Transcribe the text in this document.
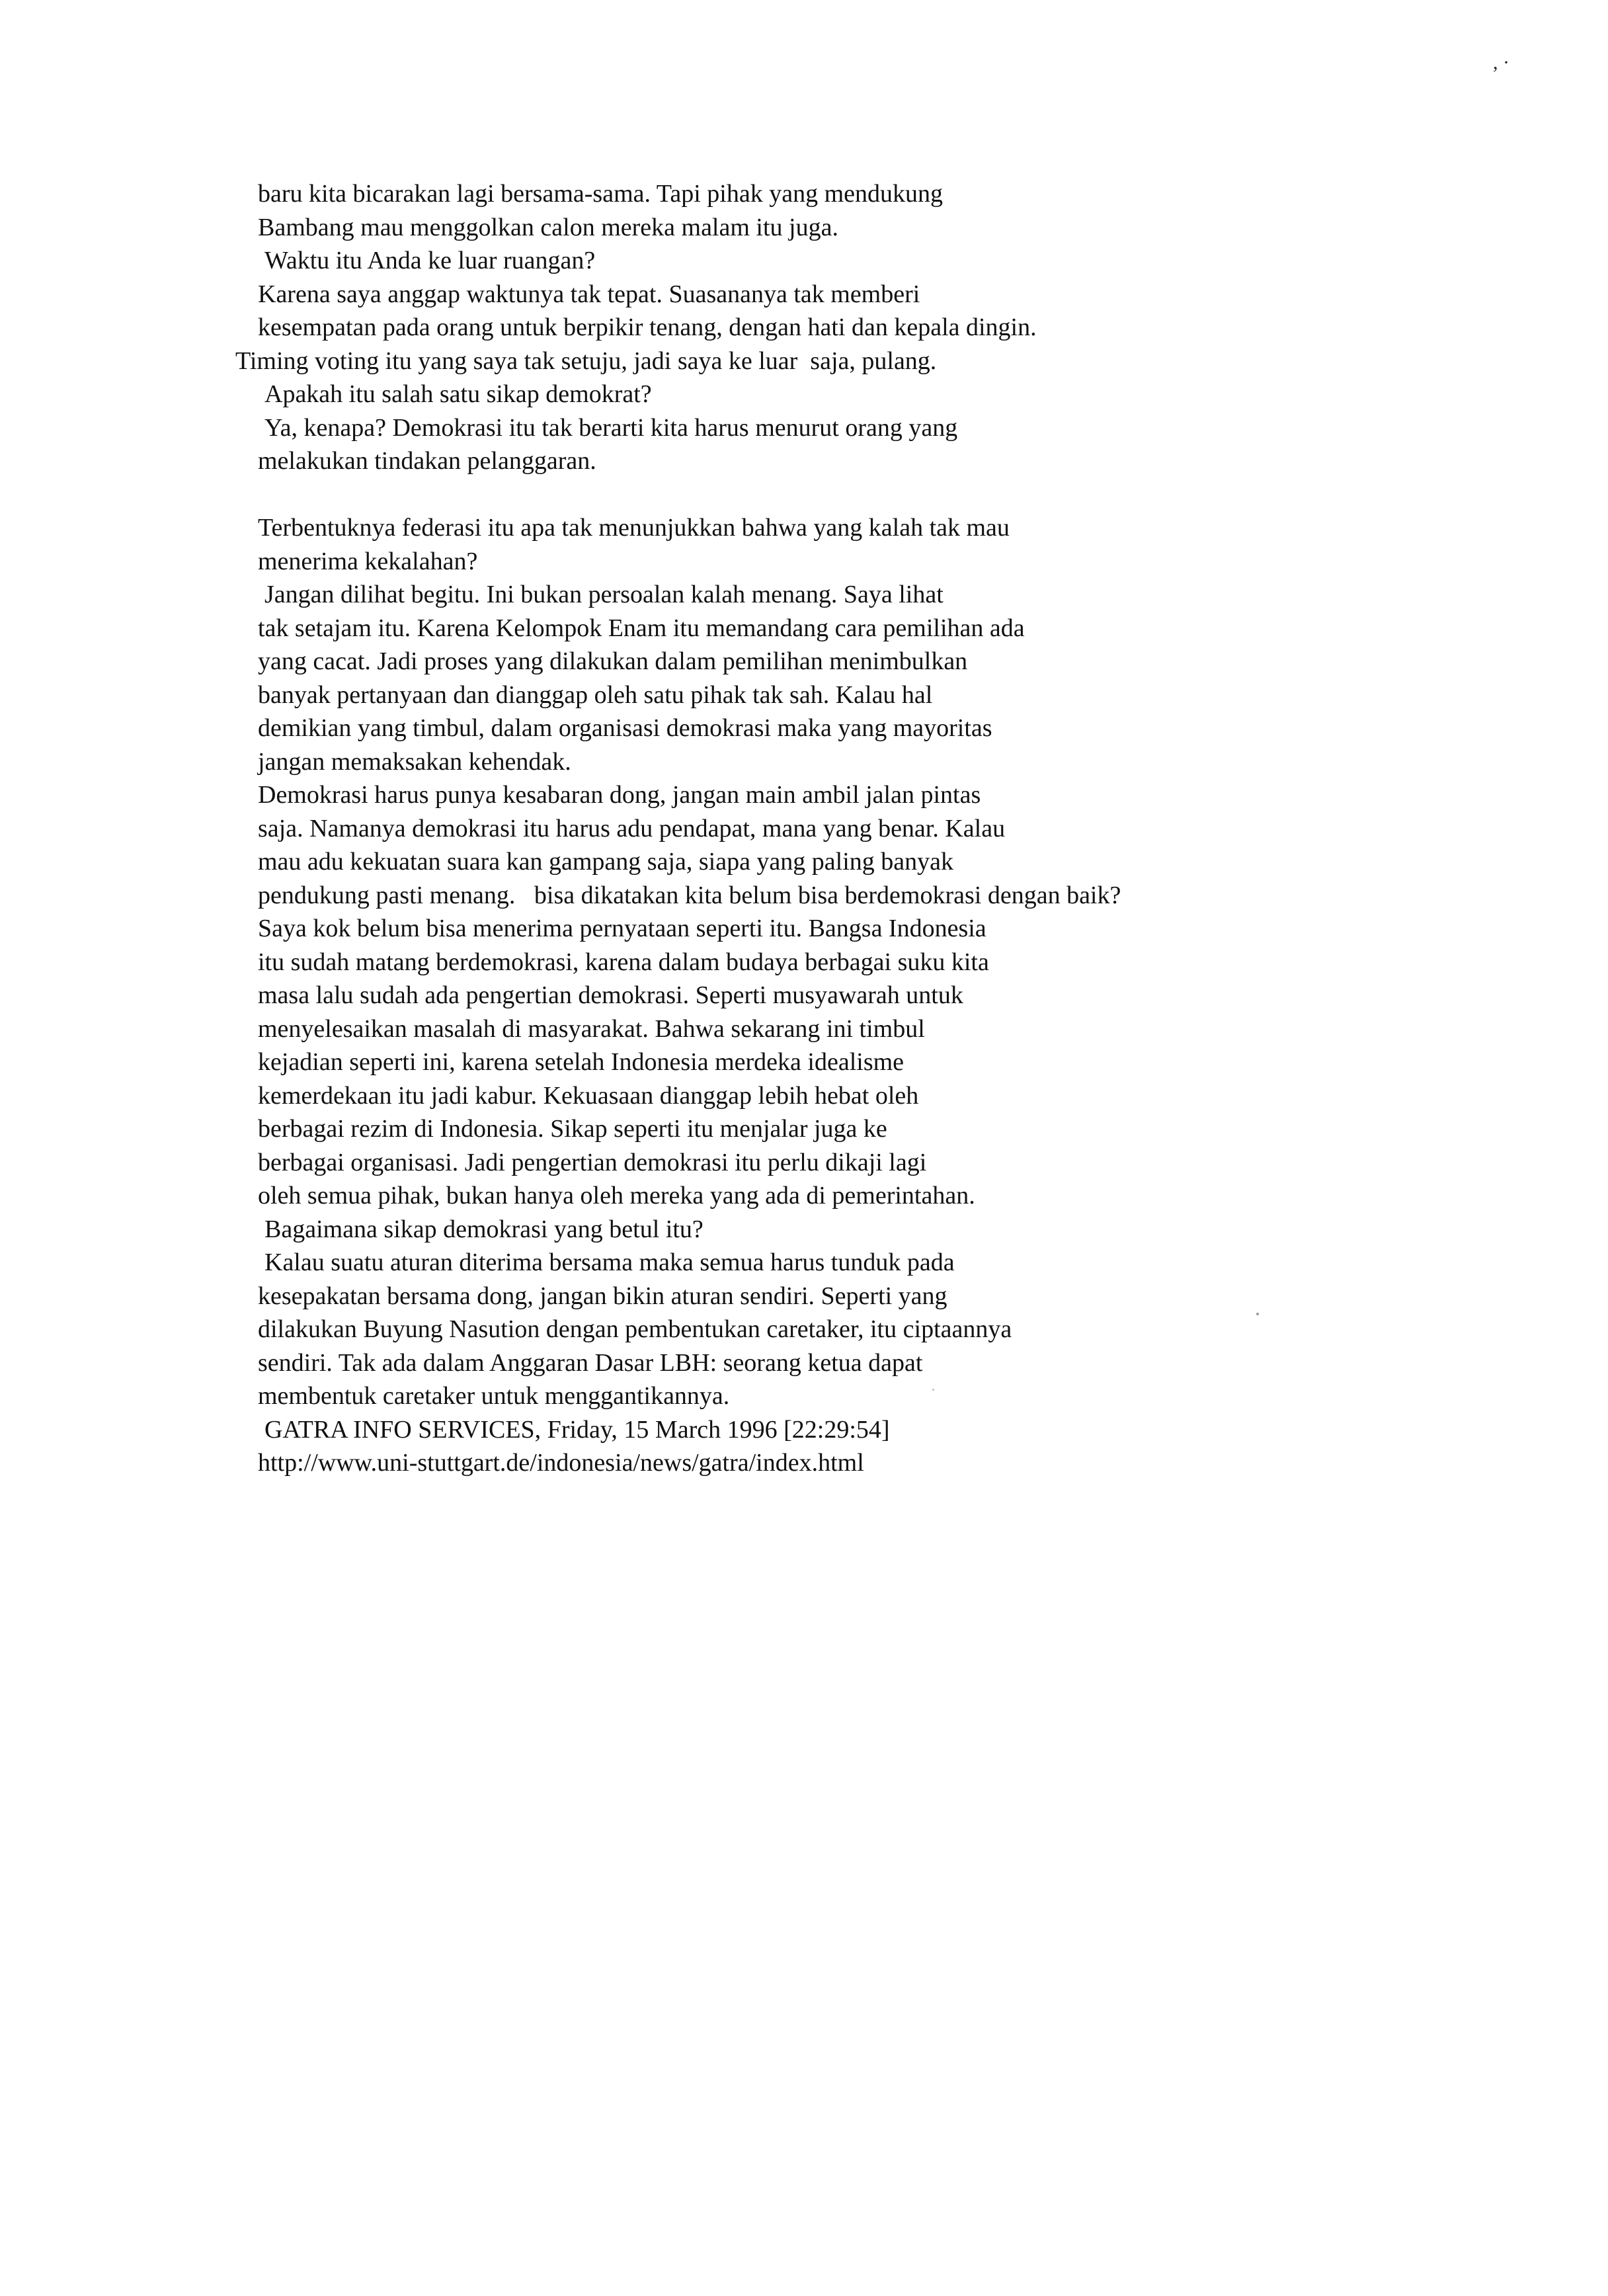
, ·
baru kita bicarakan lagi bersama-sama. Tapi pihak yang mendukung
Bambang mau menggolkan calon mereka malam itu juga.
Waktu itu Anda ke luar ruangan?
Karena saya anggap waktunya tak tepat. Suasananya tak memberi
kesempatan pada orang untuk berpikir tenang, dengan hati dan kepala dingin.
Timing voting itu yang saya tak setuju, jadi saya ke luar  saja, pulang.
Apakah itu salah satu sikap demokrat?
Ya, kenapa? Demokrasi itu tak berarti kita harus menurut orang yang
melakukan tindakan pelanggaran.
Terbentuknya federasi itu apa tak menunjukkan bahwa yang kalah tak mau
menerima kekalahan?
Jangan dilihat begitu. Ini bukan persoalan kalah menang. Saya lihat
tak setajam itu. Karena Kelompok Enam itu memandang cara pemilihan ada
yang cacat. Jadi proses yang dilakukan dalam pemilihan menimbulkan
banyak pertanyaan dan dianggap oleh satu pihak tak sah. Kalau hal
demikian yang timbul, dalam organisasi demokrasi maka yang mayoritas
jangan memaksakan kehendak.
Demokrasi harus punya kesabaran dong, jangan main ambil jalan pintas
saja. Namanya demokrasi itu harus adu pendapat, mana yang benar. Kalau
mau adu kekuatan suara kan gampang saja, siapa yang paling banyak
pendukung pasti menang.   bisa dikatakan kita belum bisa berdemokrasi dengan baik?
Saya kok belum bisa menerima pernyataan seperti itu. Bangsa Indonesia
itu sudah matang berdemokrasi, karena dalam budaya berbagai suku kita
masa lalu sudah ada pengertian demokrasi. Seperti musyawarah untuk
menyelesaikan masalah di masyarakat. Bahwa sekarang ini timbul
kejadian seperti ini, karena setelah Indonesia merdeka idealisme
kemerdekaan itu jadi kabur. Kekuasaan dianggap lebih hebat oleh
berbagai rezim di Indonesia. Sikap seperti itu menjalar juga ke
berbagai organisasi. Jadi pengertian demokrasi itu perlu dikaji lagi
oleh semua pihak, bukan hanya oleh mereka yang ada di pemerintahan.
Bagaimana sikap demokrasi yang betul itu?
Kalau suatu aturan diterima bersama maka semua harus tunduk pada
kesepakatan bersama dong, jangan bikin aturan sendiri. Seperti yang
dilakukan Buyung Nasution dengan pembentukan caretaker, itu ciptaannya
sendiri. Tak ada dalam Anggaran Dasar LBH: seorang ketua dapat
membentuk caretaker untuk menggantikannya.
GATRA INFO SERVICES, Friday, 15 March 1996 [22:29:54]
http://www.uni-stuttgart.de/indonesia/news/gatra/index.html
